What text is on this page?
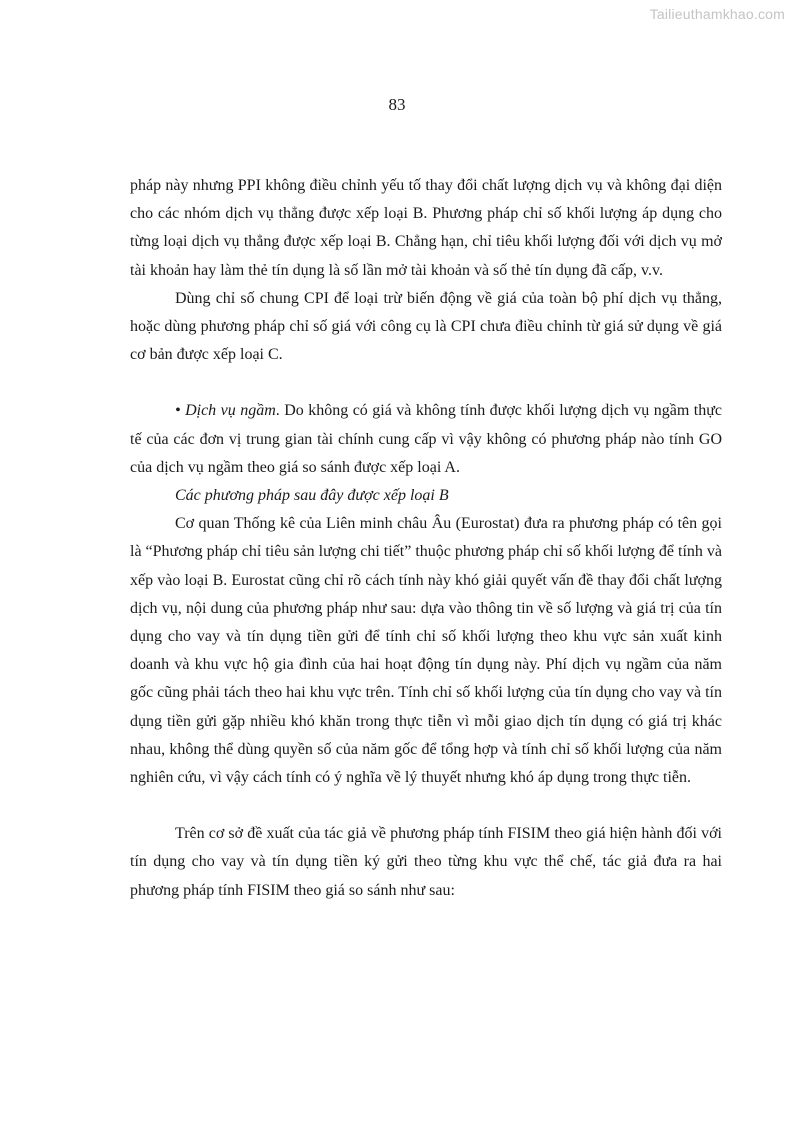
Tailieuthamkhao.com
83

pháp này nhưng PPI không điều chỉnh yếu tố thay đổi chất lượng dịch vụ và không đại diện cho các nhóm dịch vụ thẳng được xếp loại B. Phương pháp chỉ số khối lượng áp dụng cho từng loại dịch vụ thẳng được xếp loại B. Chẳng hạn, chỉ tiêu khối lượng đối với dịch vụ mở tài khoản hay làm thẻ tín dụng là số lần mở tài khoản và số thẻ tín dụng đã cấp, v.v.

Dùng chỉ số chung CPI để loại trừ biến động về giá của toàn bộ phí dịch vụ thẳng, hoặc dùng phương pháp chỉ số giá với công cụ là CPI chưa điều chỉnh từ giá sử dụng về giá cơ bản được xếp loại C.

• Dịch vụ ngầm. Do không có giá và không tính được khối lượng dịch vụ ngầm thực tế của các đơn vị trung gian tài chính cung cấp vì vậy không có phương pháp nào tính GO của dịch vụ ngầm theo giá so sánh được xếp loại A.

Các phương pháp sau đây được xếp loại B

Cơ quan Thống kê của Liên minh châu Âu (Eurostat) đưa ra phương pháp có tên gọi là “Phương pháp chỉ tiêu sản lượng chi tiết” thuộc phương pháp chỉ số khối lượng để tính và xếp vào loại B. Eurostat cũng chỉ rõ cách tính này khó giải quyết vấn đề thay đổi chất lượng dịch vụ, nội dung của phương pháp như sau: dựa vào thông tin về số lượng và giá trị của tín dụng cho vay và tín dụng tiền gửi để tính chỉ số khối lượng theo khu vực sản xuất kinh doanh và khu vực hộ gia đình của hai hoạt động tín dụng này. Phí dịch vụ ngầm của năm gốc cũng phải tách theo hai khu vực trên. Tính chỉ số khối lượng của tín dụng cho vay và tín dụng tiền gửi gặp nhiều khó khăn trong thực tiễn vì mỗi giao dịch tín dụng có giá trị khác nhau, không thể dùng quyền số của năm gốc để tổng hợp và tính chỉ số khối lượng của năm nghiên cứu, vì vậy cách tính có ý nghĩa về lý thuyết nhưng khó áp dụng trong thực tiễn.

Trên cơ sở đề xuất của tác giả về phương pháp tính FISIM theo giá hiện hành đối với tín dụng cho vay và tín dụng tiền ký gửi theo từng khu vực thể chế, tác giả đưa ra hai phương pháp tính FISIM theo giá so sánh như sau:
